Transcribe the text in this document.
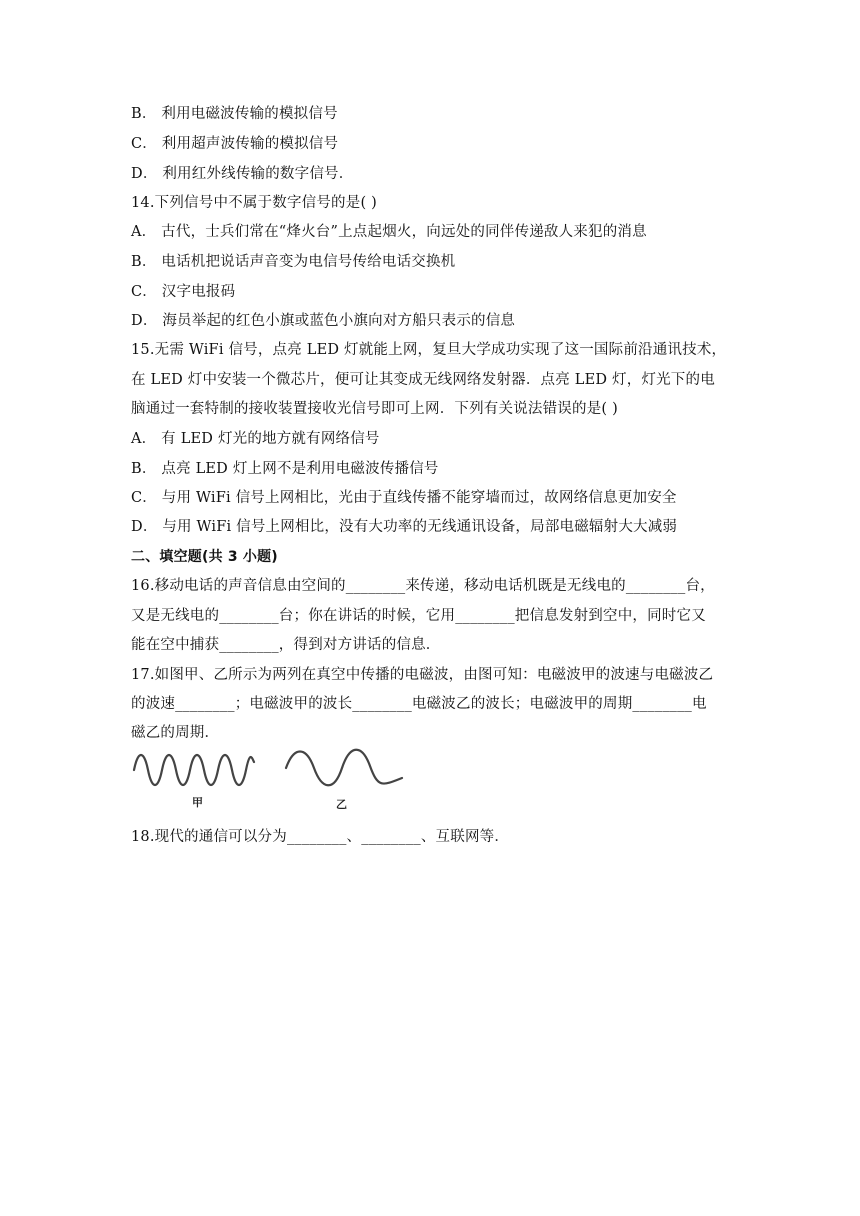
B． 利用电磁波传输的模拟信号
C． 利用超声波传输的模拟信号
D． 利用红外线传输的数字信号．
14.下列信号中不属于数字信号的是( )
A． 古代，士兵们常在“烽火台”上点起烟火，向远处的同伴传递敌人来犯的消息
B． 电话机把说话声音变为电信号传给电话交换机
C． 汉字电报码
D． 海员举起的红色小旗或蓝色小旗向对方船只表示的信息
15.无需 WiFi 信号，点亮 LED 灯就能上网，复旦大学成功实现了这一国际前沿通讯技术，
在 LED 灯中安装一个微芯片，便可让其变成无线网络发射器．点亮 LED 灯，灯光下的电
脑通过一套特制的接收装置接收光信号即可上网．下列有关说法错误的是( )
A． 有 LED 灯光的地方就有网络信号
B． 点亮 LED 灯上网不是利用电磁波传播信号
C． 与用 WiFi 信号上网相比，光由于直线传播不能穿墙而过，故网络信息更加安全
D． 与用 WiFi 信号上网相比，没有大功率的无线通讯设备，局部电磁辐射大大减弱
二、填空题(共 3 小题)
16.移动电话的声音信息由空间的________来传递，移动电话机既是无线电的________台，
又是无线电的________台；你在讲话的时候，它用________把信息发射到空中，同时它又
能在空中捕获________，得到对方讲话的信息．
17.如图甲、乙所示为两列在真空中传播的电磁波，由图可知：电磁波甲的波速与电磁波乙
的波速________；电磁波甲的波长________电磁波乙的波长；电磁波甲的周期________电
磁乙的周期．
甲	乙
18.现代的通信可以分为________、________、互联网等．
